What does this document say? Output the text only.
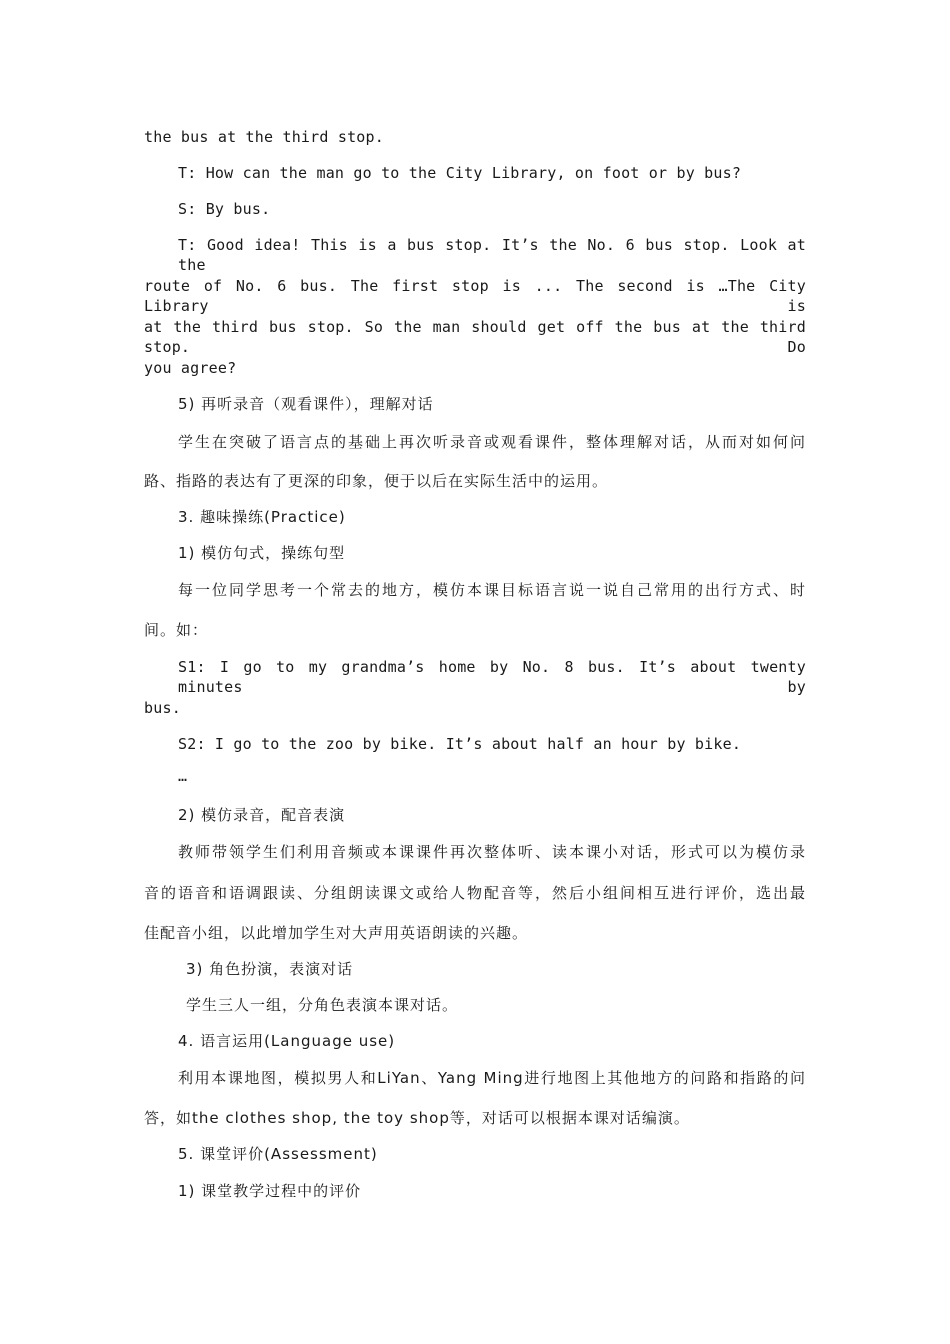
the bus at the third stop.
T: How can the man go to the City Library, on foot or by bus?
S: By bus.
T: Good idea! This is a bus stop. It’s the No. 6 bus stop. Look at the
route of No. 6 bus. The first stop is ... The second is …The City Library is
at the third bus stop. So the man should get off the bus at the third stop. Do
you agree?
5) 再听录音（观看课件），理解对话
学生在突破了语言点的基础上再次听录音或观看课件，整体理解对话，从而对如何问
路、指路的表达有了更深的印象，便于以后在实际生活中的运用。
3. 趣味操练(Practice)
1) 模仿句式，操练句型
每一位同学思考一个常去的地方，模仿本课目标语言说一说自己常用的出行方式、时
间。如：
S1: I go to my grandma’s home by No. 8 bus. It’s about twenty minutes by
bus.
S2: I go to the zoo by bike. It’s about half an hour by bike.
…
2) 模仿录音，配音表演
教师带领学生们利用音频或本课课件再次整体听、读本课小对话，形式可以为模仿录
音的语音和语调跟读、分组朗读课文或给人物配音等，然后小组间相互进行评价，选出最
佳配音小组，以此增加学生对大声用英语朗读的兴趣。
3) 角色扮演，表演对话
学生三人一组，分角色表演本课对话。
4. 语言运用(Language use)
利用本课地图，模拟男人和LiYan、Yang Ming进行地图上其他地方的问路和指路的问
答，如the clothes shop, the toy shop等，对话可以根据本课对话编演。
5. 课堂评价(Assessment)
1) 课堂教学过程中的评价
